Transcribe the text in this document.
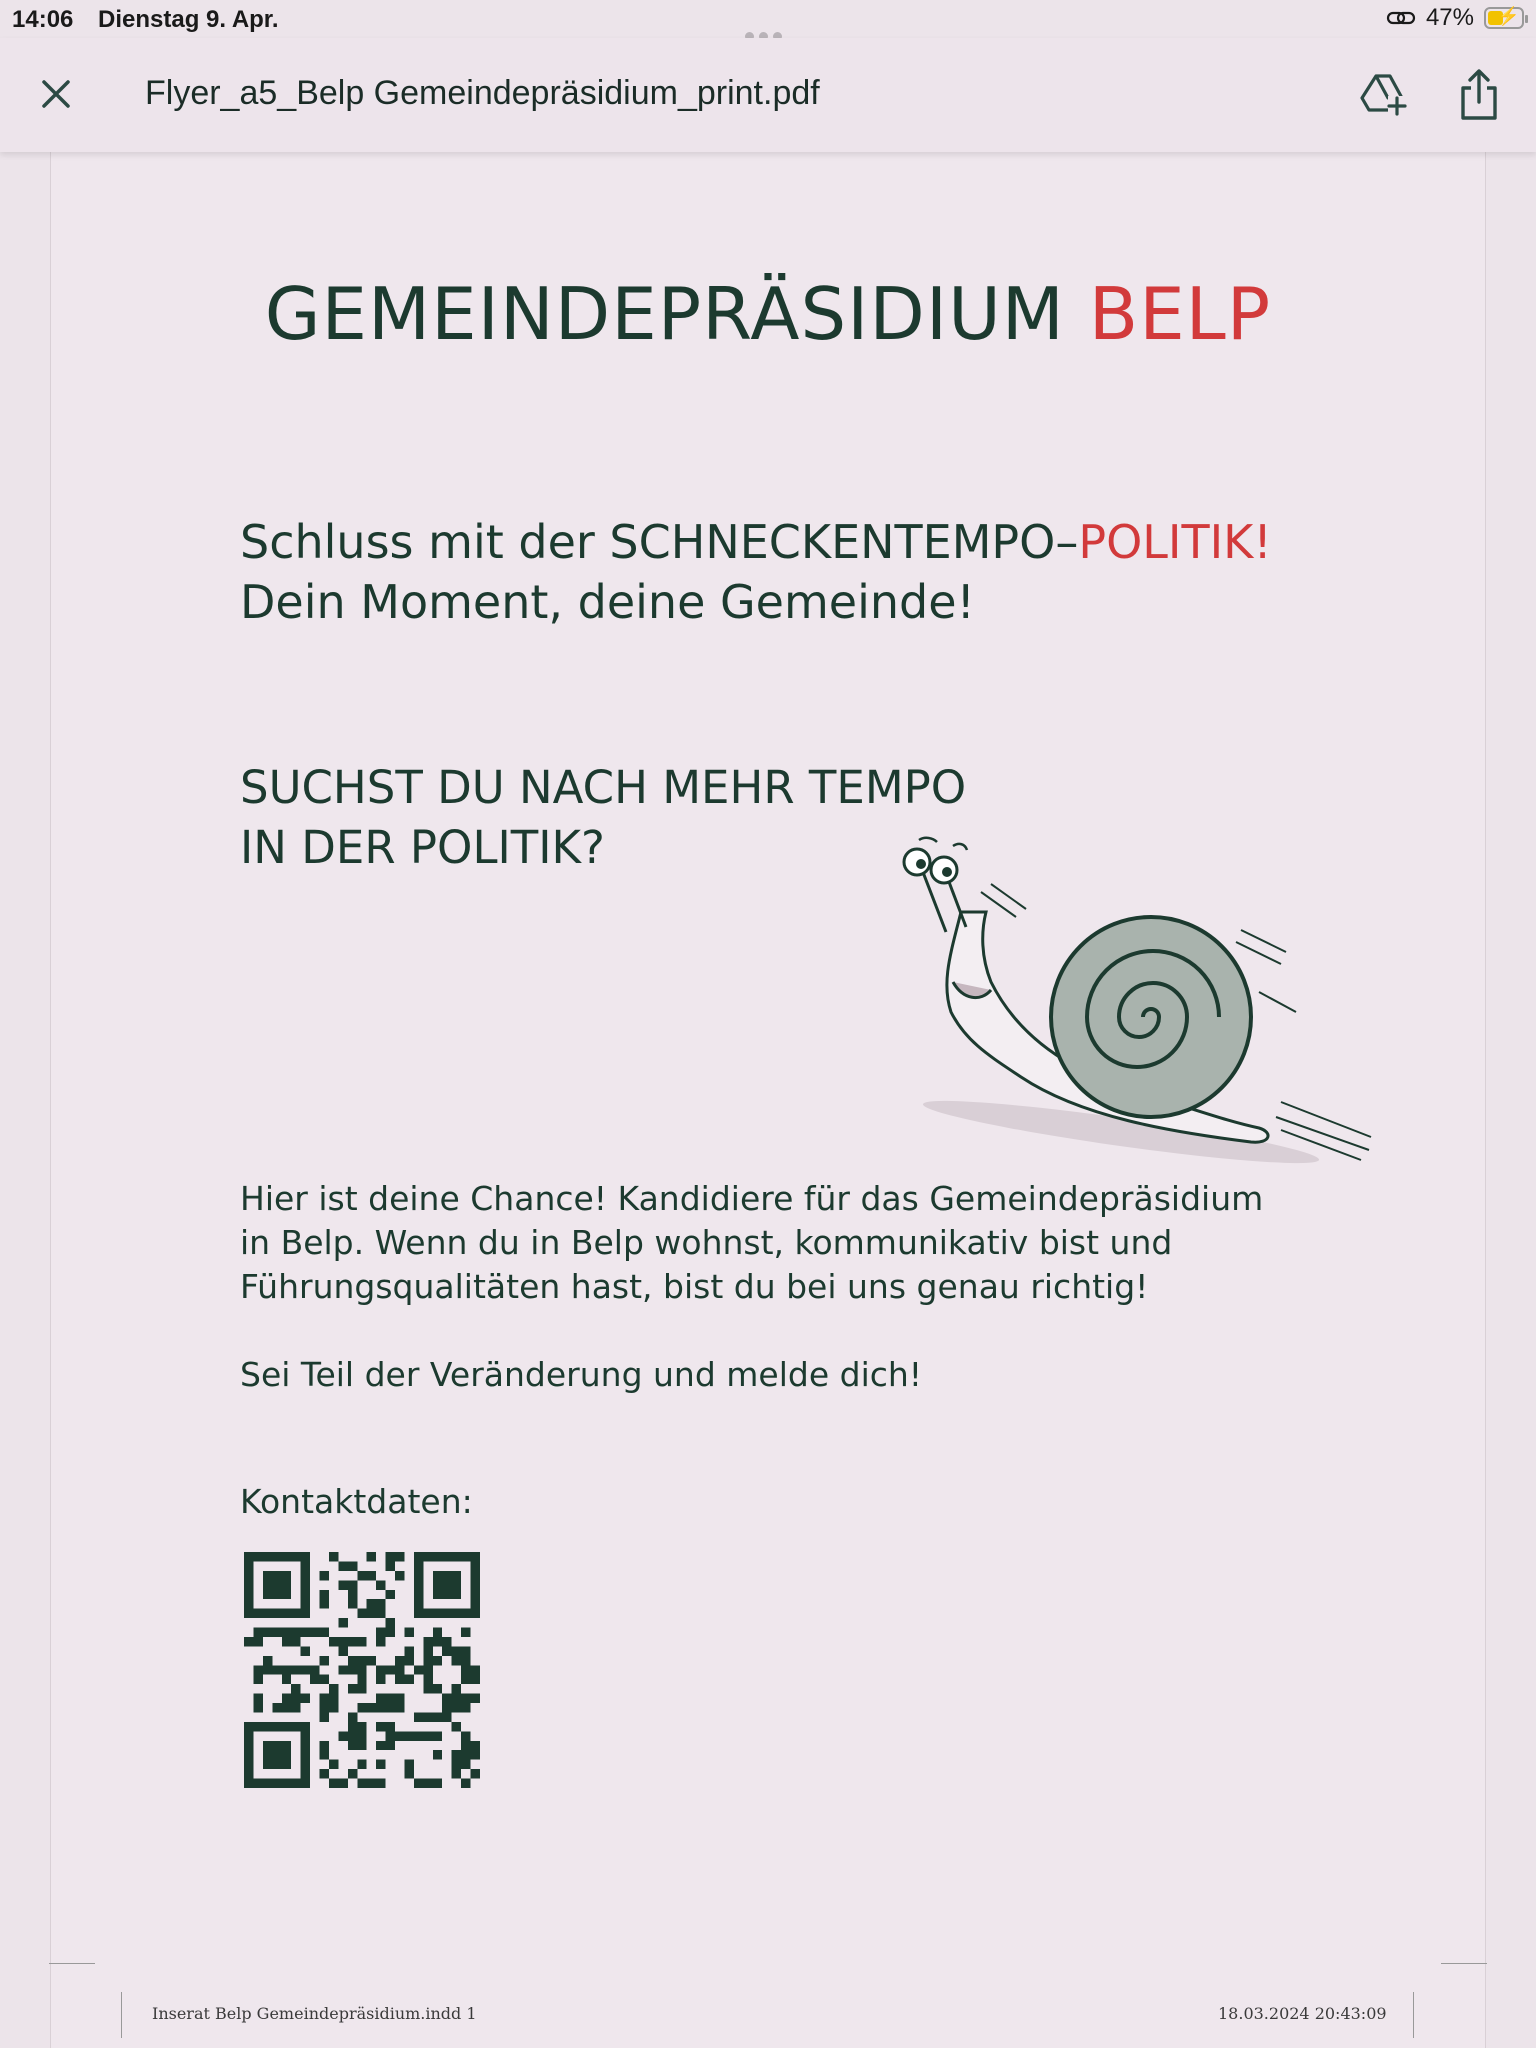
14:06 Dienstag 9. Apr.	47% ⚡
Flyer_a5_Belp Gemeindepräsidium_print.pdf
GEMEINDEPRÄSIDIUM BELP
Schluss mit der SCHNECKENTEMPO–POLITIK!
Dein Moment, deine Gemeinde!
SUCHST DU NACH MEHR TEMPO
IN DER POLITIK?
Hier ist deine Chance! Kandidiere für das Gemeindepräsidium
in Belp. Wenn du in Belp wohnst, kommunikativ bist und
Führungsqualitäten hast, bist du bei uns genau richtig!
Sei Teil der Veränderung und melde dich!
Kontaktdaten:
Inserat Belp Gemeindepräsidium.indd 1	18.03.2024 20:43:09
